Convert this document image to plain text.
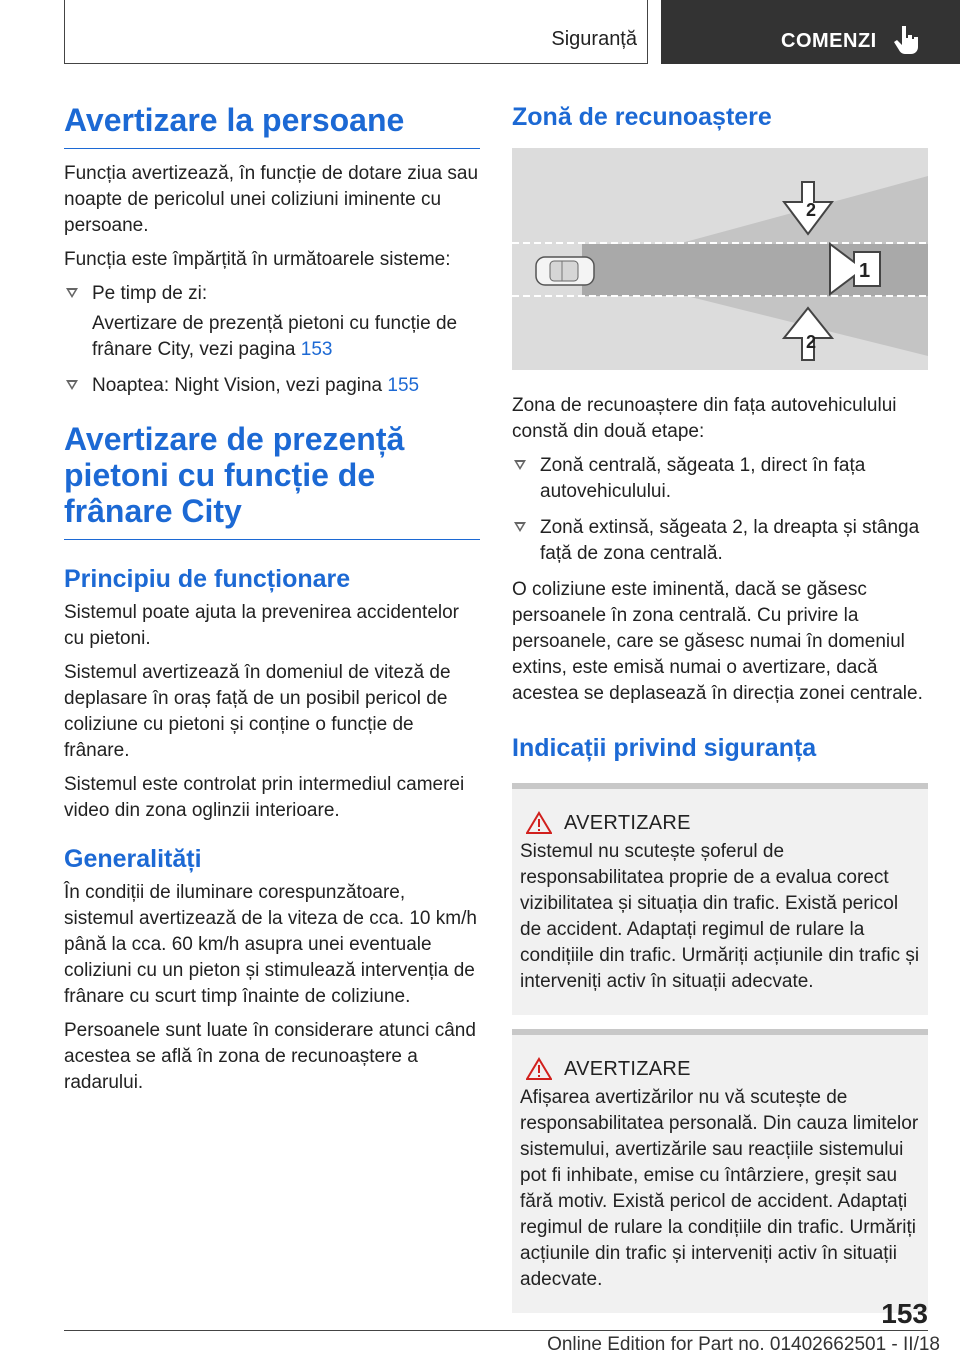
Siguranță	COMENZI
Avertizare la persoane

Funcția avertizează, în funcție de dotare ziua sau noapte de pericolul unei coliziuni iminente cu persoane.

Funcția este împărțită în următoarele sisteme:

Pe timp de zi:
Avertizare de prezență pietoni cu funcție de frânare City, vezi pagina 153
Noaptea: Night Vision, vezi pagina 155
Avertizare de prezență pietoni cu funcție de frânare City
Principiu de funcționare

Sistemul poate ajuta la prevenirea accidentelor cu pietoni.

Sistemul avertizează în domeniul de viteză de deplasare în oraș față de un posibil pericol de coliziune cu pietoni și conține o funcție de frânare.

Sistemul este controlat prin intermediul camerei video din zona oglinzii interioare.

Generalități

În condiții de iluminare corespunzătoare, sistemul avertizează de la viteza de cca. 10 km/h până la cca. 60 km/h asupra unei eventuale coliziuni cu un pieton și stimulează intervenția de frânare cu scurt timp înainte de coliziune.

Persoanele sunt luate în considerare atunci când acestea se află în zona de recunoaștere a radarului.

Zonă de recunoaștere
1
2
2

Zona de recunoaștere din fața autovehiculului constă din două etape:

Zonă centrală, săgeata 1, direct în fața autovehiculului.
Zonă extinsă, săgeata 2, la dreapta și stânga față de zona centrală.

O coliziune este iminentă, dacă se găsesc persoanele în zona centrală. Cu privire la persoanele, care se găsesc numai în domeniul extins, este emisă numai o avertizare, dacă acestea se deplasează în direcția zonei centrale.

Indicații privind siguranța
AVERTIZARE

Sistemul nu scutește șoferul de responsabilitatea proprie de a evalua corect vizibilitatea și situația din trafic. Există pericol de accident. Adaptați regimul de rulare la condițiile din trafic. Urmăriți acțiunile din trafic și interveniți activ în situații adecvate.

AVERTIZARE

Afișarea avertizărilor nu vă scutește de responsabilitatea personală. Din cauza limitelor sistemului, avertizările sau reacțiile sistemului pot fi inhibate, emise cu întârziere, greșit sau fără motiv. Există pericol de accident. Adaptați regimul de rulare la condițiile din trafic. Urmăriți acțiunile din trafic și interveniți activ în situații adecvate.

153
Online Edition for Part no. 01402662501 - II/18
